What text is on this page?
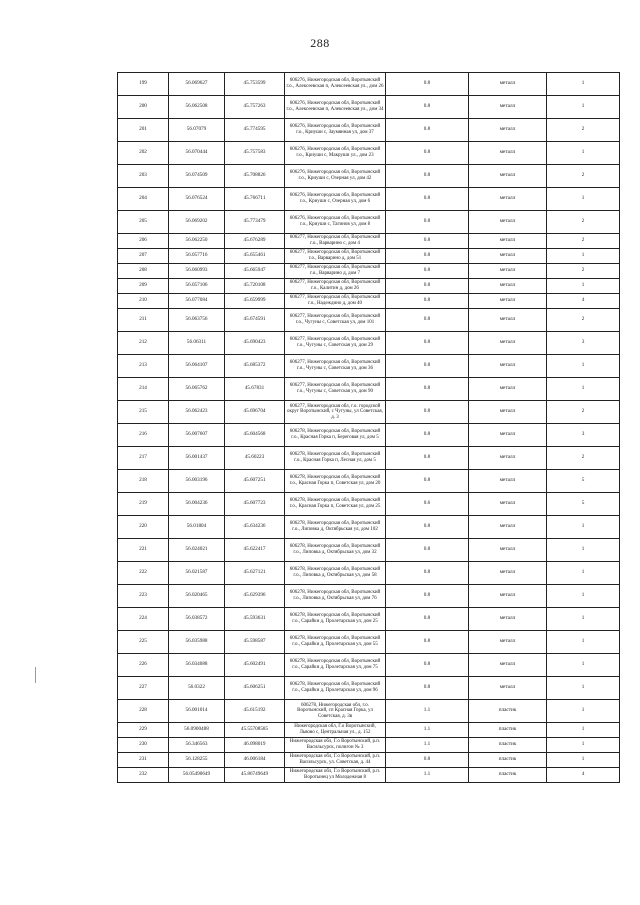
288
199	56.069627	45.753599	606276, Нижегородская обл, Воротынский г.о., Алексеевская п, Алексеевская ул., дом 26	0.8	металл	1
200	56.062508	45.757263	606276, Нижегородская обл, Воротынский г.о., Алексеевская п, Алексеевская ул., дом 34	0.8	металл	1
201	56.07079	45.774595	606276, Нижегородская обл, Воротынский г.о., Криуши с, Заумянная ул, дом 37	0.8	металл	2
202	56.070444	45.757583	606276, Нижегородская обл, Воротынский г.о., Криуши с, Макруши ул., дом 23	0.8	металл	1
203	56.074509	45.708826	606276, Нижегородская обл, Воротынский г.о., Криуши с, Озерная ул, дом 42	0.8	металл	2
204	56.076524	45.766711	606276, Нижегородская обл, Воротынский г.о., Криуши с, Озерная ул, дом 6	0.8	металл	1
205	56.069202	45.773479	606276, Нижегородская обл, Воротынский г.о., Криуши с, Тагинов ул, дом 8	0.8	металл	2
206	56.062250	45.676289	606277, Нижегородская обл, Воротынский г.о., Варварино с, дом 4	0.8	металл	2
207	56.057716	45.655461	606277, Нижегородская обл, Воротынский г.о., Варварино д, дом 51	0.8	металл	1
208	56.060993	45.665947	606277, Нижегородская обл, Воротынский г.о., Варварино д, дом 7	0.8	металл	2
209	56.057106	45.720108	606277, Нижегородская обл, Воротынский г.о., Калитин д, дом 26	0.8	металл	1
210	56.077084	45.659999	606277, Нижегородская обл, Воротынский г.о., Надеждино д, дом 40	0.8	металл	4
211	56.063756	45.674591	606277, Нижегородская обл, Воротынский г.о., Чугуны с, Советская ул, дом 101	0.8	металл	2
212	56.06311	45.690423	606277, Нижегородская обл, Воротынский г.о., Чугуны с, Советская ул, дом 29	0.8	металл	3
213	56.064107	45.685372	606277, Нижегородская обл, Воротынский г.о., Чугуны с, Советская ул, дом 36	0.8	металл	1
214	56.065762	45.67831	606277, Нижегородская обл, Воротынский г.о., Чугуны с, Советская ул, дом 90	0.8	металл	1
215	56.062423	45.696704	606277, Нижегородская обл, г.о. городской округ Воротынский, с Чугуны, ул Советская, д. 3	0.8	металл	2
216	56.007607	45.604568	606278, Нижегородская обл, Воротынский г.о., Красная Горка п, Береговая ул, дом 5	0.8	металл	3
217	56.001437	45.60223	606278, Нижегородская обл, Воротынский г.о., Красная Горка п, Лесная ул, дом 5	0.8	металл	2
218	56.003196	45.607251	606278, Нижегородская обл, Воротынский г.о., Красная Горка п, Советская ул, дом 20	0.8	металл	5
219	56.004236	45.607723	606278, Нижегородская обл, Воротынский г.о., Красная Горка п, Советская ул, дом 25	0.6	металл	5
220	56.01804	45.634236	606278, Нижегородская обл, Воротынский г.о., Липовка д, Октябрьская ул, дом 102	0.8	металл	1
221	56.024021	45.622417	606278, Нижегородская обл, Воротынский г.о., Липовка д, Октябрьская ул, дом 32	0.8	металл	1
222	56.021587	45.627121	606278, Нижегородская обл, Воротынский г.о., Липовка д, Октябрьская ул, дом 58	0.8	металл	1
223	56.020465	45.629396	606278, Нижегородская обл, Воротынский г.о., Липовка д, Октябрьская ул, дом 76	0.8	металл	1
224	56.038572	45.593631	606278, Нижегородская обл, Воротынский г.о., Сарайки д, Пролетарская ул, дом 25	0.8	металл	1
225	56.035988	45.598587	606278, Нижегородская обл, Воротынский г.о., Сарайки д, Пролетарская ул, дом 55	0.8	металл	1
226	56.034088	45.602491	606278, Нижегородская обл, Воротынский г.о., Сарайки д, Пролетарская ул, дом 75	0.8	металл	1
227	56.0322	45.606251	606278, Нижегородская обл, Воротынский г.о., Сарайки д, Пролетарская ул, дом 96	0.8	металл	1
228	56.001014	45.615192	606278, Нижегородская обл, г.о. Воротынский, сп Красная Горка, ул Советская, д. 3в	1.1	пластик	1
229	56.0900488	45.55708585	Нижегородская обл, Г.о Воротынский, Львово с, Центральная ул., д. 152	1.1	пластик	1
230	56.346563	46.098019	Нижегородская обл, Г.о Воротынский, р.п. Васильсурск, полигон № 3	1.1	пластик	1
231	56.128255	46.006184	Нижегородская обл, Г.о Воротынский, р.п. Васильсурск, ул. Советская, д. 44	0.8	пластик	1
232	56.05490649	45.86749649	Нижегородская обл, Г.о Воротынский, р.п. Воротынец ул Молодежная 8	1.1	пластик	4
